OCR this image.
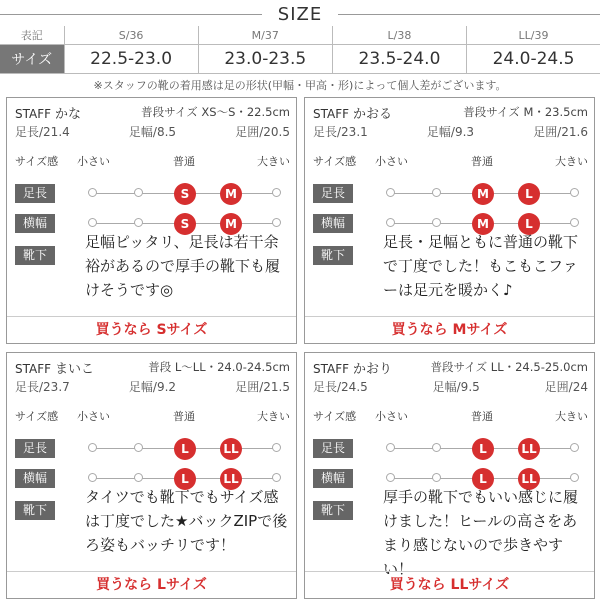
SIZE
表記	S/36	M/37	L/38	LL/39
サイズ	22.5-23.0	23.0-23.5	23.5-24.0	24.0-24.5
※スタッフの靴の着用感は足の形状(甲幅・甲高・形)によって個人差がございます。
STAFF かな	普段サイズ XS〜S・22.5cm
足長/21.4	足幅/8.5	足囲/20.5
サイズ感 小さい	普通	大きい
足長	S	M
横幅	S	M
靴下
足幅ピッタリ、足長は若干余裕があるので厚手の靴下も履けそうです◎
買うなら Sサイズ
STAFF かおる	普段サイズ M・23.5cm
足長/23.1	足幅/9.3	足囲/21.6
サイズ感 小さい	普通	大きい
足長	M	L
横幅	M	L
靴下
足長・足幅ともに普通の靴下で丁度でした！もこもこファーは足元を暖かく♪
買うなら Mサイズ
STAFF まいこ	普段 L〜LL・24.0-24.5cm
足長/23.7	足幅/9.2	足囲/21.5
サイズ感 小さい	普通	大きい
足長	L	LL
横幅	L	LL
靴下
タイツでも靴下でもサイズ感は丁度でした★バックZIPで後ろ姿もバッチリです！
買うなら Lサイズ
STAFF かおり	普段サイズ LL・24.5-25.0cm
足長/24.5	足幅/9.5	足囲/24
サイズ感 小さい	普通	大きい
足長	L	LL
横幅	L	LL
靴下
厚手の靴下でもいい感じに履けました！ヒールの高さをあまり感じないので歩きやすい！
買うなら LLサイズ
